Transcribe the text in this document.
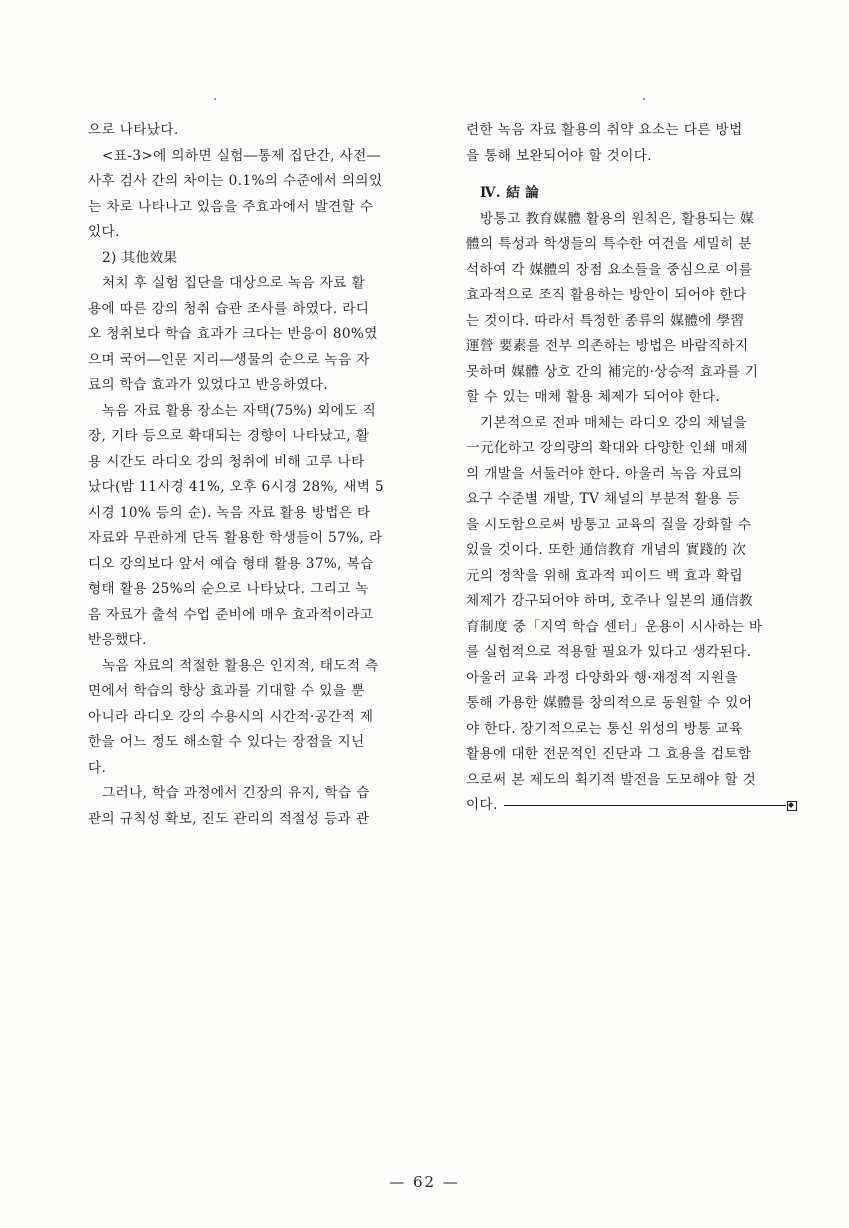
으로 나타났다.
<표-3>에 의하면 실험―통제 집단간, 사전―
사후 검사 간의 차이는 0.1%의 수준에서 의의있
는 차로 나타나고 있음을 주효과에서 발견할 수
있다.
2) 其他效果
처치 후 실험 집단을 대상으로 녹음 자료 활
용에 따른 강의 청취 습관 조사를 하였다. 라디
오 청취보다 학습 효과가 크다는 반응이 80%였
으며 국어―인문 지리―생물의 순으로 녹음 자
료의 학습 효과가 있었다고 반응하였다.
녹음 자료 활용 장소는 자택(75%) 외에도 직
장, 기타 등으로 확대되는 경향이 나타났고, 활
용 시간도 라디오 강의 청취에 비해 고루 나타
났다(밤 11시경 41%, 오후 6시경 28%, 새벽 5
시경 10% 등의 순). 녹음 자료 활용 방법은 타
자료와 무관하게 단독 활용한 학생들이 57%, 라
디오 강의보다 앞서 예습 형태 활용 37%, 복습
형태 활용 25%의 순으로 나타났다. 그리고 녹
음 자료가 출석 수업 준비에 매우 효과적이라고
반응했다.
녹음 자료의 적절한 활용은 인지적, 태도적 측
면에서 학습의 향상 효과를 기대할 수 있을 뿐
아니라 라디오 강의 수용시의 시간적·공간적 제
한을 어느 정도 해소할 수 있다는 장점을 지닌
다.
그러나, 학습 과정에서 긴장의 유지, 학습 습
관의 규칙성 확보, 진도 관리의 적절성 등과 관
련한 녹음 자료 활용의 취약 요소는 다른 방법
을 통해 보완되어야 할 것이다.
Ⅳ. 結 論
방통고 教育媒體 활용의 원칙은, 활용되는 媒
體의 특성과 학생들의 특수한 여건을 세밀히 분
석하여 각 媒體의 장점 요소들을 중심으로 이를
효과적으로 조직 활용하는 방안이 되어야 한다
는 것이다. 따라서 특정한 종류의 媒體에 學習
運營 要素를 전부 의존하는 방법은 바람직하지
못하며 媒體 상호 간의 補完的·상승적 효과를 기
할 수 있는 매체 활용 체제가 되어야 한다.
기본적으로 전파 매체는 라디오 강의 채널을
一元化하고 강의량의 확대와 다양한 인쇄 매체
의 개발을 서둘러야 한다. 아울러 녹음 자료의
요구 수준별 개발, TV 채널의 부분적 활용 등
을 시도함으로써 방통고 교육의 질을 강화할 수
있을 것이다. 또한 通信教育 개념의 實踐的 次
元의 정착을 위해 효과적 피이드 백 효과 확립
체제가 강구되어야 하며, 호주나 일본의 通信教
育制度 중「지역 학습 센터」운용이 시사하는 바
를 실험적으로 적용할 필요가 있다고 생각된다.
아울러 교육 과정 다양화와 행·재정적 지원을
통해 가용한 媒體를 창의적으로 동원할 수 있어
야 한다. 장기적으로는 통신 위성의 방통 교육
활용에 대한 전문적인 진단과 그 효용을 검토함
으로써 본 제도의 획기적 발전을 도모해야 할 것
이다.
— 62 —
